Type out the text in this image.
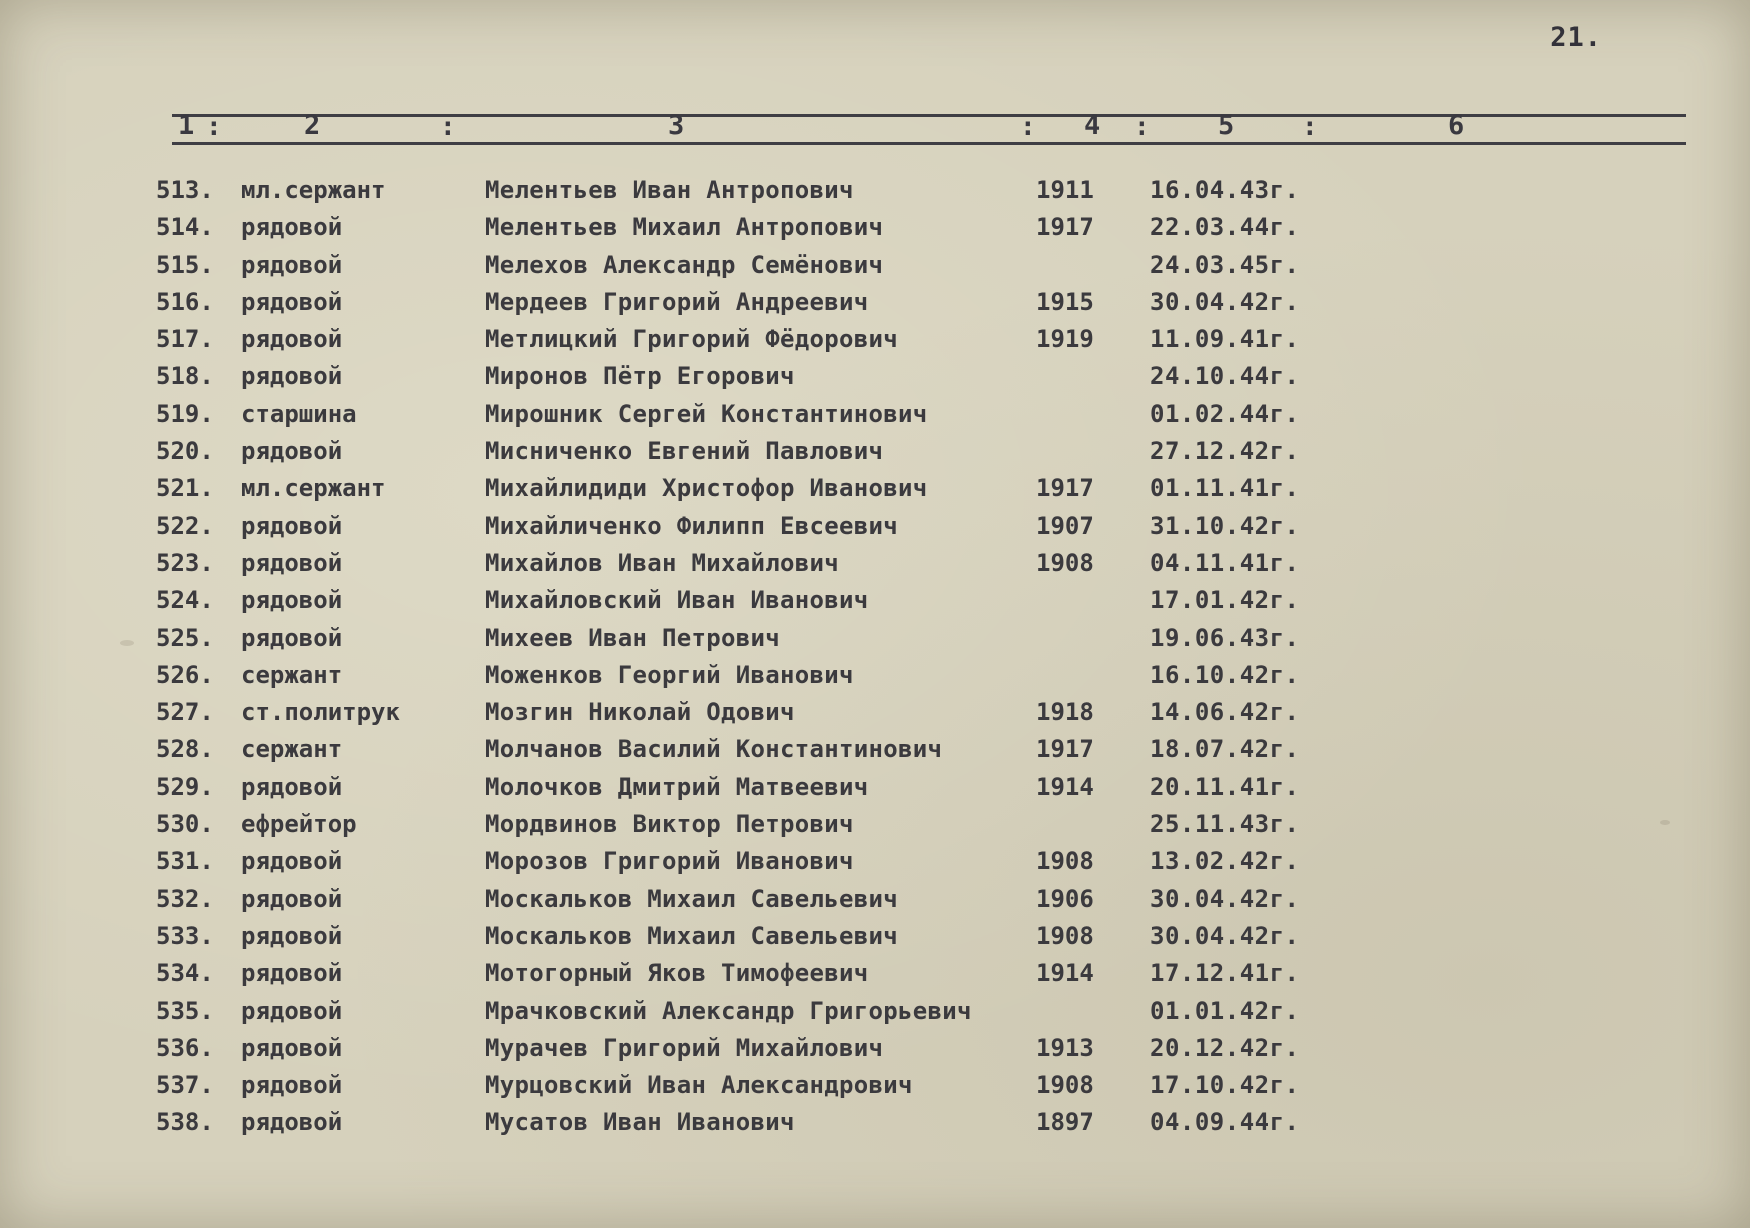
21.
1 :	2	:	3	: 4 :	5	:	6
513. мл.сержант	Мелентьев Иван Антропович	1911 16.04.43г.
514. рядовой	Мелентьев Михаил Антропович	1917 22.03.44г.
515. рядовой	Мелехов Александр Семёнович	24.03.45г.
516. рядовой	Мердеев Григорий Андреевич	1915 30.04.42г.
517. рядовой	Метлицкий Григорий Фёдорович	1919 11.09.41г.
518. рядовой	Миронов Пётр Егорович	24.10.44г.
519. старшина	Мирошник Сергей Константинович	01.02.44г.
520. рядовой	Мисниченко Евгений Павлович	27.12.42г.
521. мл.сержант	Михайлидиди Христофор Иванович	1917 01.11.41г.
522. рядовой	Михайличенко Филипп Евсеевич	1907 31.10.42г.
523. рядовой	Михайлов Иван Михайлович	1908 04.11.41г.
524. рядовой	Михайловский Иван Иванович	17.01.42г.
525. рядовой	Михеев Иван Петрович	19.06.43г.
526. сержант	Моженков Георгий Иванович	16.10.42г.
527. ст.политрук	Мозгин Николай Одович	1918 14.06.42г.
528. сержант	Молчанов Василий Константинович	1917 18.07.42г.
529. рядовой	Молочков Дмитрий Матвеевич	1914 20.11.41г.
530. ефрейтор	Мордвинов Виктор Петрович	25.11.43г.
531. рядовой	Морозов Григорий Иванович	1908 13.02.42г.
532. рядовой	Москальков Михаил Савельевич	1906 30.04.42г.
533. рядовой	Москальков Михаил Савельевич	1908 30.04.42г.
534. рядовой	Мотогорный Яков Тимофеевич	1914 17.12.41г.
535. рядовой	Мрачковский Александр Григорьевич	01.01.42г.
536. рядовой	Мурачев Григорий Михайлович	1913 20.12.42г.
537. рядовой	Мурцовский Иван Александрович	1908 17.10.42г.
538. рядовой	Мусатов Иван Иванович	1897 04.09.44г.
